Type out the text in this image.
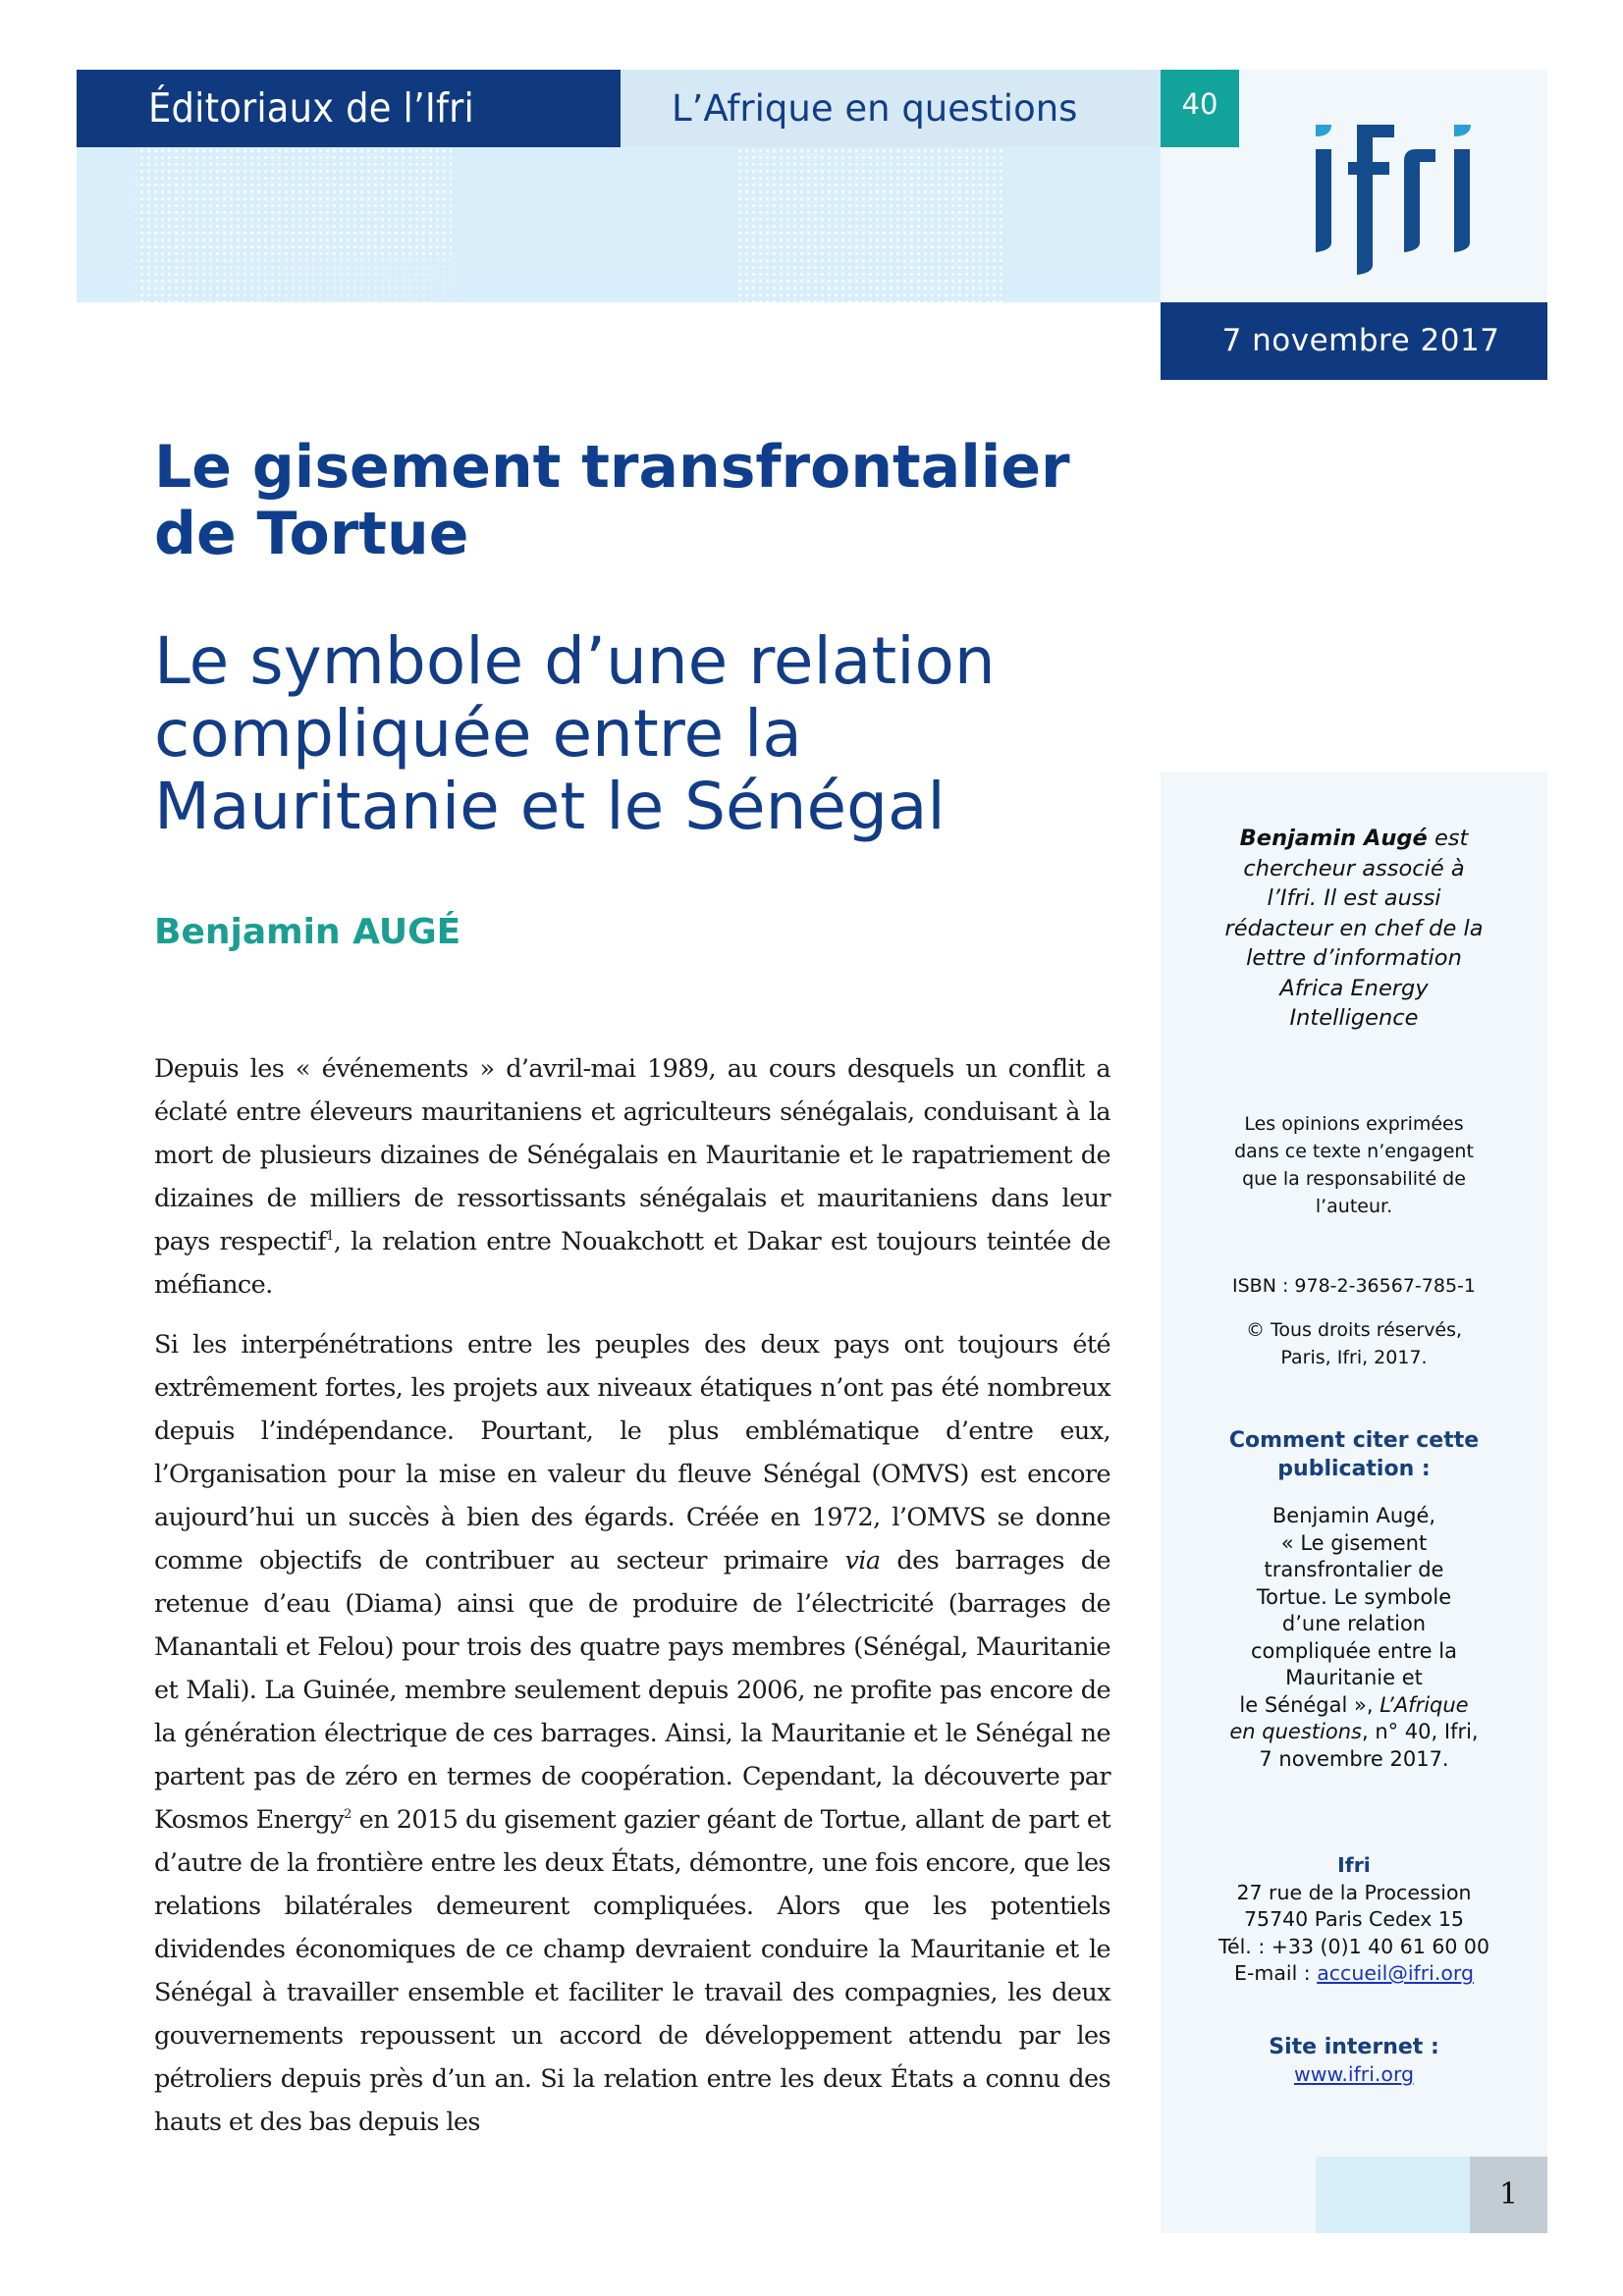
Éditoriaux de l’Ifri	L’Afrique en questions	40
7 novembre 2017
Le gisement transfrontalier
de Tortue
Le symbole d’une relation
compliquée entre la
Mauritanie et le Sénégal
Benjamin AUGÉ

Depuis les « événements » d’avril-mai 1989, au cours desquels un conflit a éclaté entre éleveurs mauritaniens et agriculteurs sénégalais, conduisant à la mort de plusieurs dizaines de Sénégalais en Mauritanie et le rapatriement de dizaines de milliers de ressortissants sénégalais et mauritaniens dans leur pays respectif$^1$, la relation entre Nouakchott et Dakar est toujours teintée de méfiance.

Si les interpénétrations entre les peuples des deux pays ont toujours été extrêmement fortes, les projets aux niveaux étatiques n’ont pas été nombreux depuis l’indépendance. Pourtant, le plus emblématique d’entre eux, l’Organisation pour la mise en valeur du fleuve Sénégal (OMVS) est encore aujourd’hui un succès à bien des égards. Créée en 1972, l’OMVS se donne comme objectifs de contribuer au secteur primaire via des barrages de retenue d’eau (Diama) ainsi que de produire de l’électricité (barrages de Manantali et Felou) pour trois des quatre pays membres (Sénégal, Mauritanie et Mali). La Guinée, membre seulement depuis 2006, ne profite pas encore de la génération électrique de ces barrages. Ainsi, la Mauritanie et le Sénégal ne partent pas de zéro en termes de coopération. Cependant, la découverte par Kosmos Energy$^2$ en 2015 du gisement gazier géant de Tortue, allant de part et d’autre de la frontière entre les deux États, démontre, une fois encore, que les relations bilatérales demeurent compliquées. Alors que les potentiels dividendes économiques de ce champ devraient conduire la Mauritanie et le Sénégal à travailler ensemble et faciliter le travail des compagnies, les deux gouvernements repoussent un accord de développement attendu par les pétroliers depuis près d’un an. Si la relation entre les deux États a connu des hauts et des bas depuis les

Benjamin Augé est
chercheur associé à
l’Ifri. Il est aussi
rédacteur en chef de la
lettre d’information
Africa Energy
Intelligence

Les opinions exprimées
dans ce texte n’engagent
que la responsabilité de
l’auteur.

ISBN : 978-2-36567-785-1

© Tous droits réservés,
Paris, Ifri, 2017.

Comment citer cette
publication :

Benjamin Augé,
« Le gisement
transfrontalier de
Tortue. Le symbole
d’une relation
compliquée entre la
Mauritanie et
le Sénégal », L’Afrique
en questions, n° 40, Ifri,
7 novembre 2017.

Ifri
27 rue de la Procession
75740 Paris Cedex 15
Tél. : +33 (0)1 40 61 60 00
E-mail : accueil@ifri.org

Site internet :

www.ifri.org

1
